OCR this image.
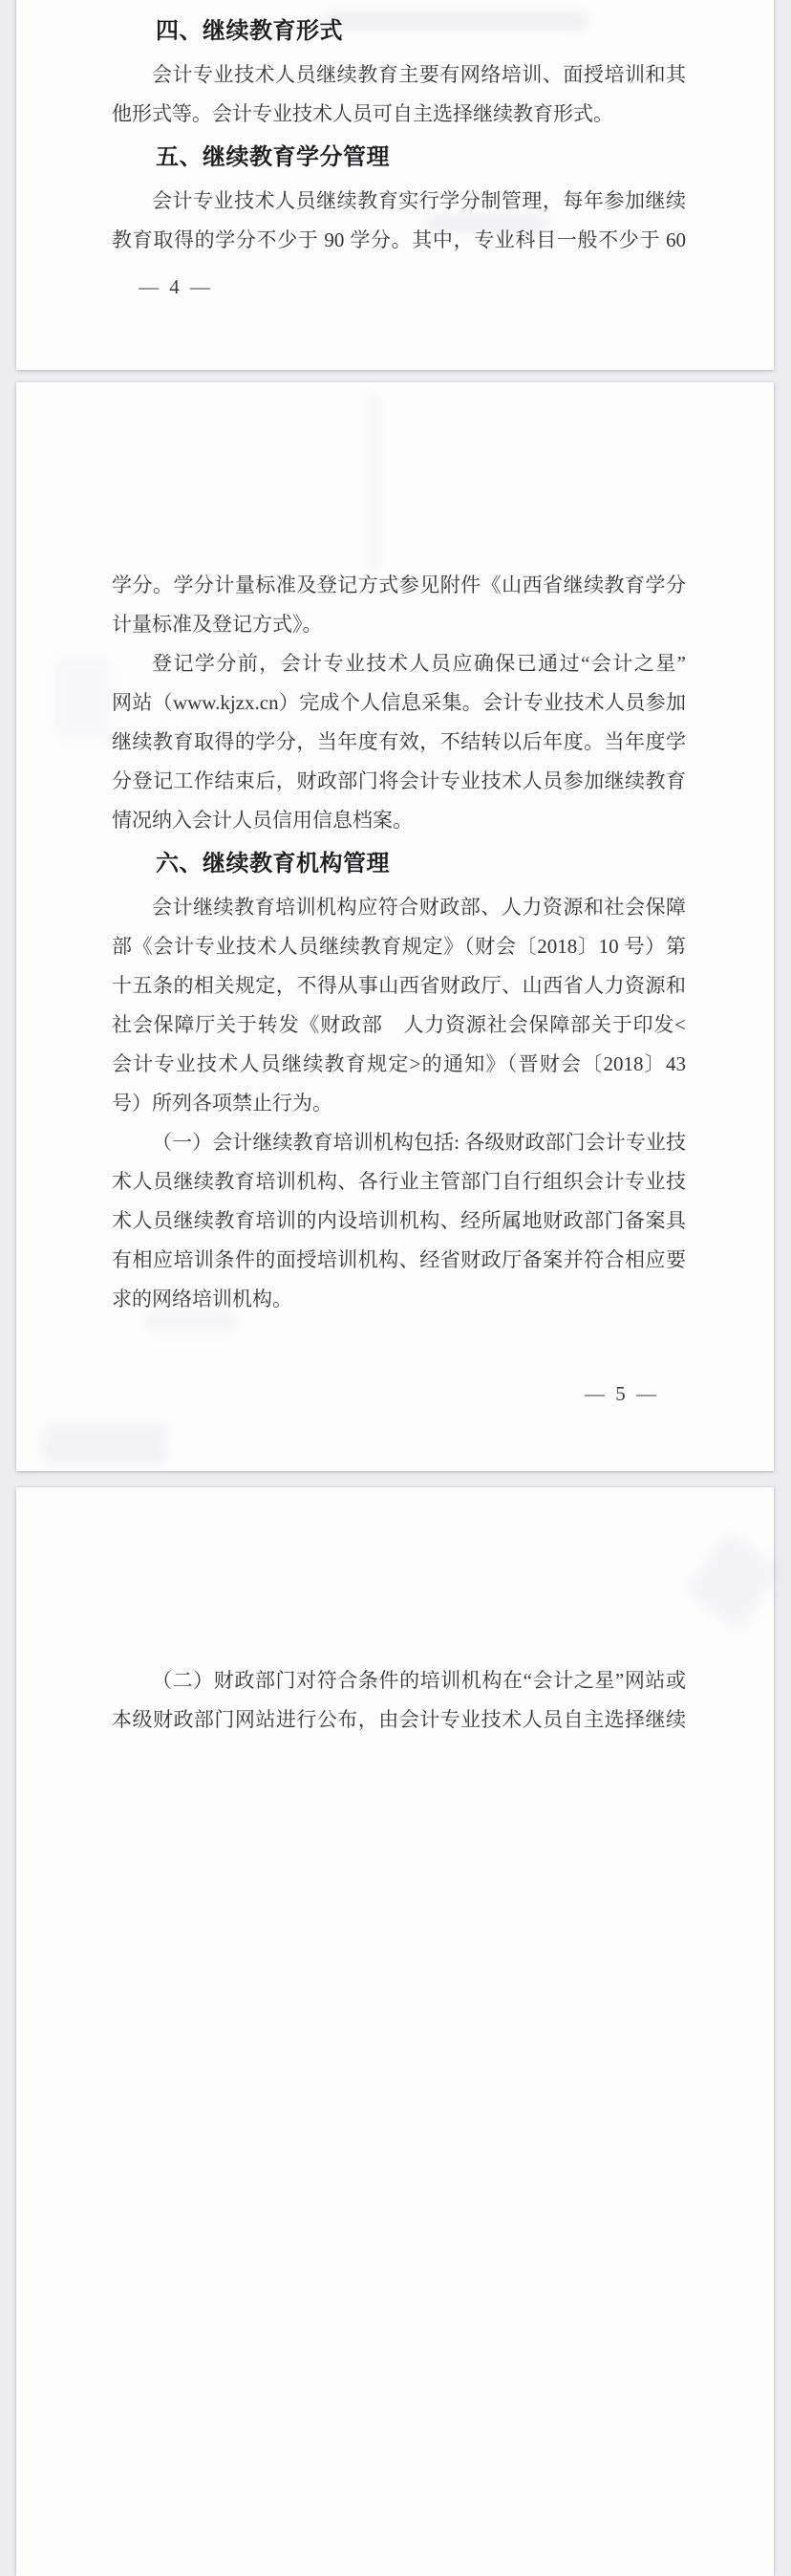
四、继续教育形式
会计专业技术人员继续教育主要有网络培训、面授培训和其
他形式等。会计专业技术人员可自主选择继续教育形式。
五、继续教育学分管理
会计专业技术人员继续教育实行学分制管理，每年参加继续
教育取得的学分不少于 90 学分。其中，专业科目一般不少于 60
— 4 —
学分。学分计量标准及登记方式参见附件《山西省继续教育学分
计量标准及登记方式》。
登记学分前，会计专业技术人员应确保已通过“会计之星”
网站（www.kjzx.cn）完成个人信息采集。会计专业技术人员参加
继续教育取得的学分，当年度有效，不结转以后年度。当年度学
分登记工作结束后，财政部门将会计专业技术人员参加继续教育
情况纳入会计人员信用信息档案。
六、继续教育机构管理
会计继续教育培训机构应符合财政部、人力资源和社会保障
部《会计专业技术人员继续教育规定》（财会〔2018〕10 号）第
十五条的相关规定，不得从事山西省财政厅、山西省人力资源和
社会保障厅关于转发《财政部　人力资源社会保障部关于印发<
会计专业技术人员继续教育规定>的通知》（晋财会〔2018〕43
号）所列各项禁止行为。
（一）会计继续教育培训机构包括: 各级财政部门会计专业技
术人员继续教育培训机构、各行业主管部门自行组织会计专业技
术人员继续教育培训的内设培训机构、经所属地财政部门备案具
有相应培训条件的面授培训机构、经省财政厅备案并符合相应要
求的网络培训机构。
— 5 —
（二）财政部门对符合条件的培训机构在“会计之星”网站或
本级财政部门网站进行公布，由会计专业技术人员自主选择继续
